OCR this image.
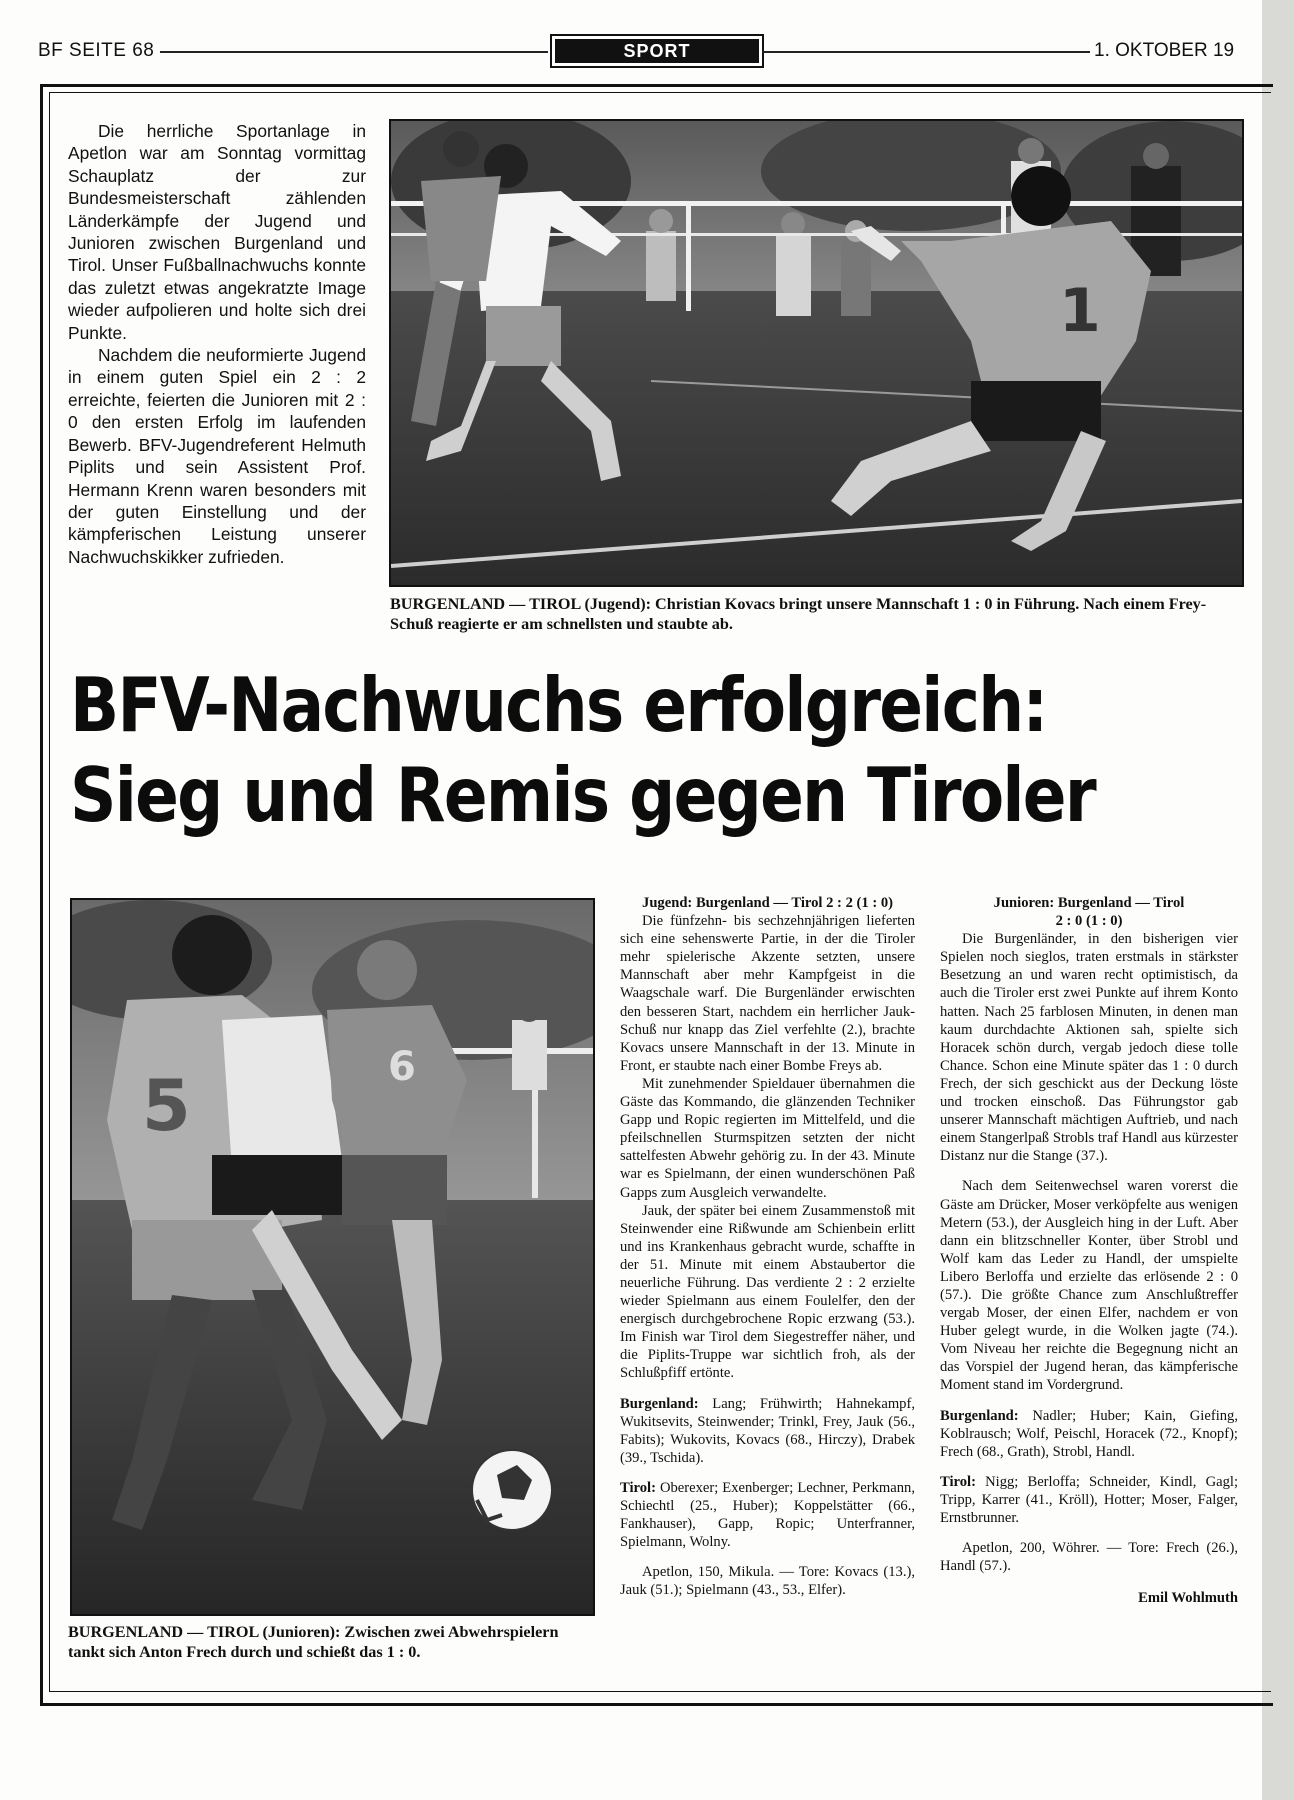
BF SEITE 68	SPORT	1. OKTOBER 19

Die herrliche Sportanlage in Apetlon war am Sonntag vormittag Schauplatz der zur Bundesmeisterschaft zählenden Länderkämpfe der Jugend und Junioren zwischen Burgenland und Tirol. Unser Fußballnachwuchs konnte das zuletzt etwas angekratzte Image wieder aufpolieren und holte sich drei Punkte.

Nachdem die neuformierte Jugend in einem guten Spiel ein 2 : 2 erreichte, feierten die Junioren mit 2 : 0 den ersten Erfolg im laufenden Bewerb. BFV-Jugendreferent Helmuth Piplits und sein Assistent Prof. Hermann Krenn waren besonders mit der guten Einstellung und der kämpferischen Leistung unserer Nachwuchskikker zufrieden.

1
BURGENLAND — TIROL (Jugend): Christian Kovacs bringt unsere Mannschaft 1 : 0 in Führung. Nach einem Frey-Schuß reagierte er am schnellsten und staubte ab.
BFV-Nachwuchs erfolgreich:
Sieg und Remis gegen Tiroler
5	6
BURGENLAND — TIROL (Junioren): Zwischen zwei Abwehrspielern tankt sich Anton Frech durch und schießt das 1 : 0.

Jugend: Burgenland — Tirol 2 : 2 (1 : 0)

Die fünfzehn- bis sechzehnjährigen lieferten sich eine sehenswerte Partie, in der die Tiroler mehr spielerische Akzente setzten, unsere Mannschaft aber mehr Kampfgeist in die Waagschale warf. Die Burgenländer erwischten den besseren Start, nachdem ein herrlicher Jauk-Schuß nur knapp das Ziel verfehlte (2.), brachte Kovacs unsere Mannschaft in der 13. Minute in Front, er staubte nach einer Bombe Freys ab.

Mit zunehmender Spieldauer übernahmen die Gäste das Kommando, die glänzenden Techniker Gapp und Ropic regierten im Mittelfeld, und die pfeilschnellen Sturmspitzen setzten der nicht sattelfesten Abwehr gehörig zu. In der 43. Minute war es Spielmann, der einen wunderschönen Paß Gapps zum Ausgleich verwandelte.

Jauk, der später bei einem Zusammenstoß mit Steinwender eine Rißwunde am Schienbein erlitt und ins Krankenhaus gebracht wurde, schaffte in der 51. Minute mit einem Abstaubertor die neuerliche Führung. Das verdiente 2 : 2 erzielte wieder Spielmann aus einem Foulelfer, den der energisch durchgebrochene Ropic erzwang (53.). Im Finish war Tirol dem Siegestreffer näher, und die Piplits-Truppe war sichtlich froh, als der Schlußpfiff ertönte.

Burgenland: Lang; Frühwirth; Hahnekampf, Wukitsevits, Steinwender; Trinkl, Frey, Jauk (56., Fabits); Wukovits, Kovacs (68., Hirczy), Drabek (39., Tschida).

Tirol: Oberexer; Exenberger; Lechner, Perkmann, Schiechtl (25., Huber); Koppelstätter (66., Fankhauser), Gapp, Ropic; Unterfranner, Spielmann, Wolny.

Apetlon, 150, Mikula. — Tore: Kovacs (13.), Jauk (51.); Spielmann (43., 53., Elfer).

Junioren: Burgenland — Tirol

2 : 0 (1 : 0)

Die Burgenländer, in den bisherigen vier Spielen noch sieglos, traten erstmals in stärkster Besetzung an und waren recht optimistisch, da auch die Tiroler erst zwei Punkte auf ihrem Konto hatten. Nach 25 farblosen Minuten, in denen man kaum durchdachte Aktionen sah, spielte sich Horacek schön durch, vergab jedoch diese tolle Chance. Schon eine Minute später das 1 : 0 durch Frech, der sich geschickt aus der Deckung löste und trocken einschoß. Das Führungstor gab unserer Mannschaft mächtigen Auftrieb, und nach einem Stangerlpaß Strobls traf Handl aus kürzester Distanz nur die Stange (37.).

Nach dem Seitenwechsel waren vorerst die Gäste am Drücker, Moser verköpfelte aus wenigen Metern (53.), der Ausgleich hing in der Luft. Aber dann ein blitzschneller Konter, über Strobl und Wolf kam das Leder zu Handl, der umspielte Libero Berloffa und erzielte das erlösende 2 : 0 (57.). Die größte Chance zum Anschlußtreffer vergab Moser, der einen Elfer, nachdem er von Huber gelegt wurde, in die Wolken jagte (74.). Vom Niveau her reichte die Begegnung nicht an das Vorspiel der Jugend heran, das kämpferische Moment stand im Vordergrund.

Burgenland: Nadler; Huber; Kain, Giefing, Koblrausch; Wolf, Peischl, Horacek (72., Knopf); Frech (68., Grath), Strobl, Handl.

Tirol: Nigg; Berloffa; Schneider, Kindl, Gagl; Tripp, Karrer (41., Kröll), Hotter; Moser, Falger, Ernstbrunner.

Apetlon, 200, Wöhrer. — Tore: Frech (26.), Handl (57.).

Emil Wohlmuth
